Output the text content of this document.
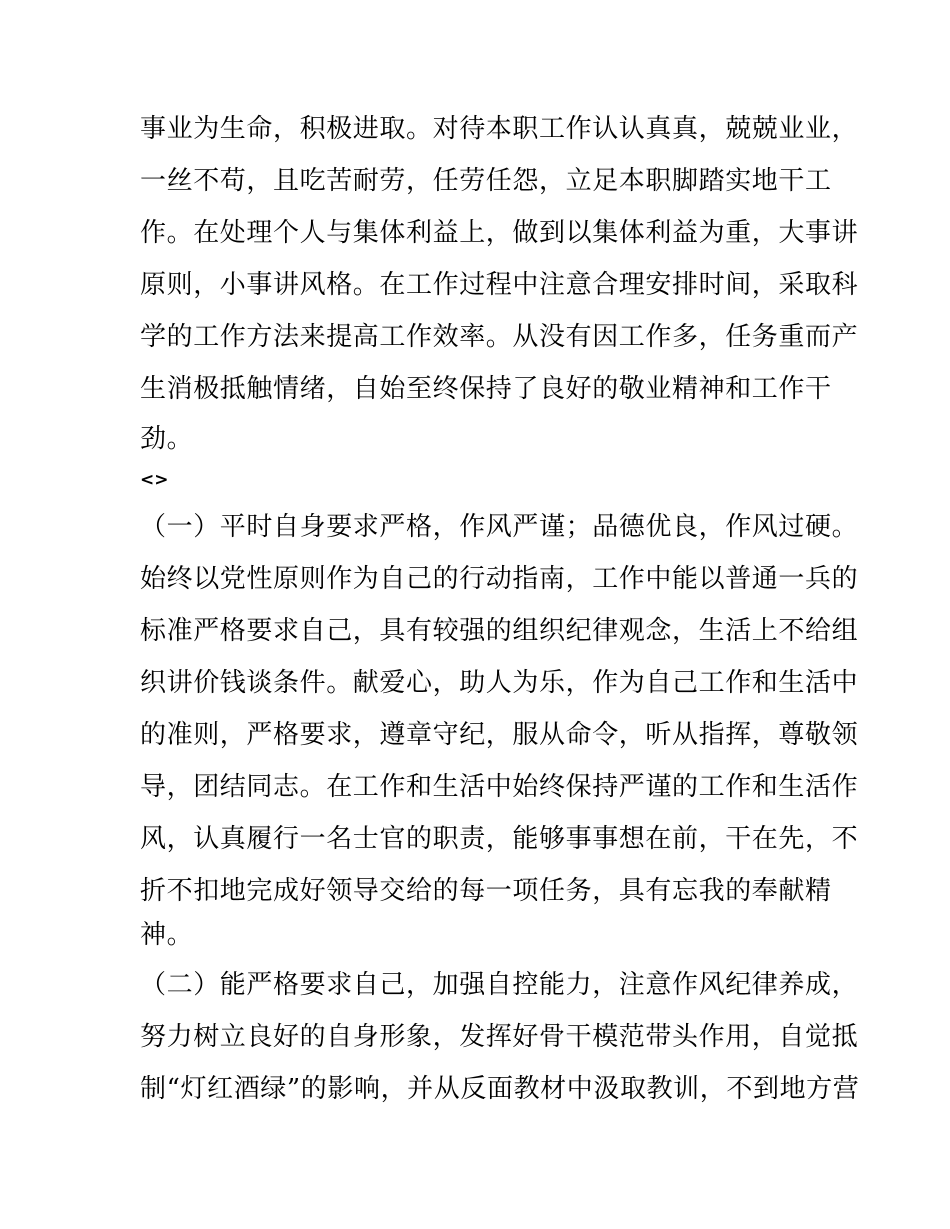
事业为生命，积极进取。对待本职工作认认真真，兢兢业业，
一丝不苟，且吃苦耐劳，任劳任怨，立足本职脚踏实地干工
作。在处理个人与集体利益上，做到以集体利益为重，大事讲
原则，小事讲风格。在工作过程中注意合理安排时间，采取科
学的工作方法来提高工作效率。从没有因工作多，任务重而产
生消极抵触情绪，自始至终保持了良好的敬业精神和工作干
劲。
<>
（一）平时自身要求严格，作风严谨；品德优良，作风过硬。
始终以党性原则作为自己的行动指南，工作中能以普通一兵的
标准严格要求自己，具有较强的组织纪律观念，生活上不给组
织讲价钱谈条件。献爱心，助人为乐，作为自己工作和生活中
的准则，严格要求，遵章守纪，服从命令，听从指挥，尊敬领
导，团结同志。在工作和生活中始终保持严谨的工作和生活作
风，认真履行一名士官的职责，能够事事想在前，干在先，不
折不扣地完成好领导交给的每一项任务，具有忘我的奉献精
神。
（二）能严格要求自己，加强自控能力，注意作风纪律养成，
努力树立良好的自身形象，发挥好骨干模范带头作用，自觉抵
制“灯红酒绿”的影响，并从反面教材中汲取教训，不到地方营
